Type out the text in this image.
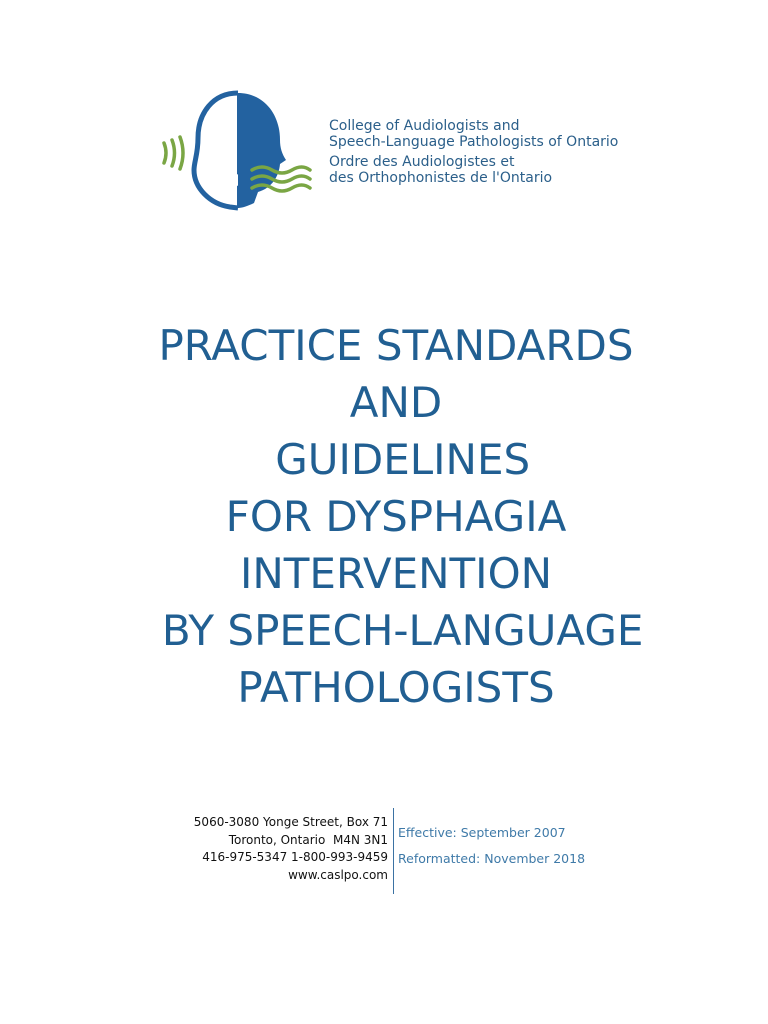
College of Audiologists and
Speech-Language Pathologists of Ontario
Ordre des Audiologistes et
des Orthophonistes de l'Ontario
PRACTICE STANDARDS
AND
GUIDELINES
FOR DYSPHAGIA
INTERVENTION
BY SPEECH-LANGUAGE
PATHOLOGISTS
5060-3080 Yonge Street, Box 71
Toronto, Ontario  M4N 3N1
416-975-5347 1-800-993-9459
www.caslpo.com
Effective: September 2007
Reformatted: November 2018
